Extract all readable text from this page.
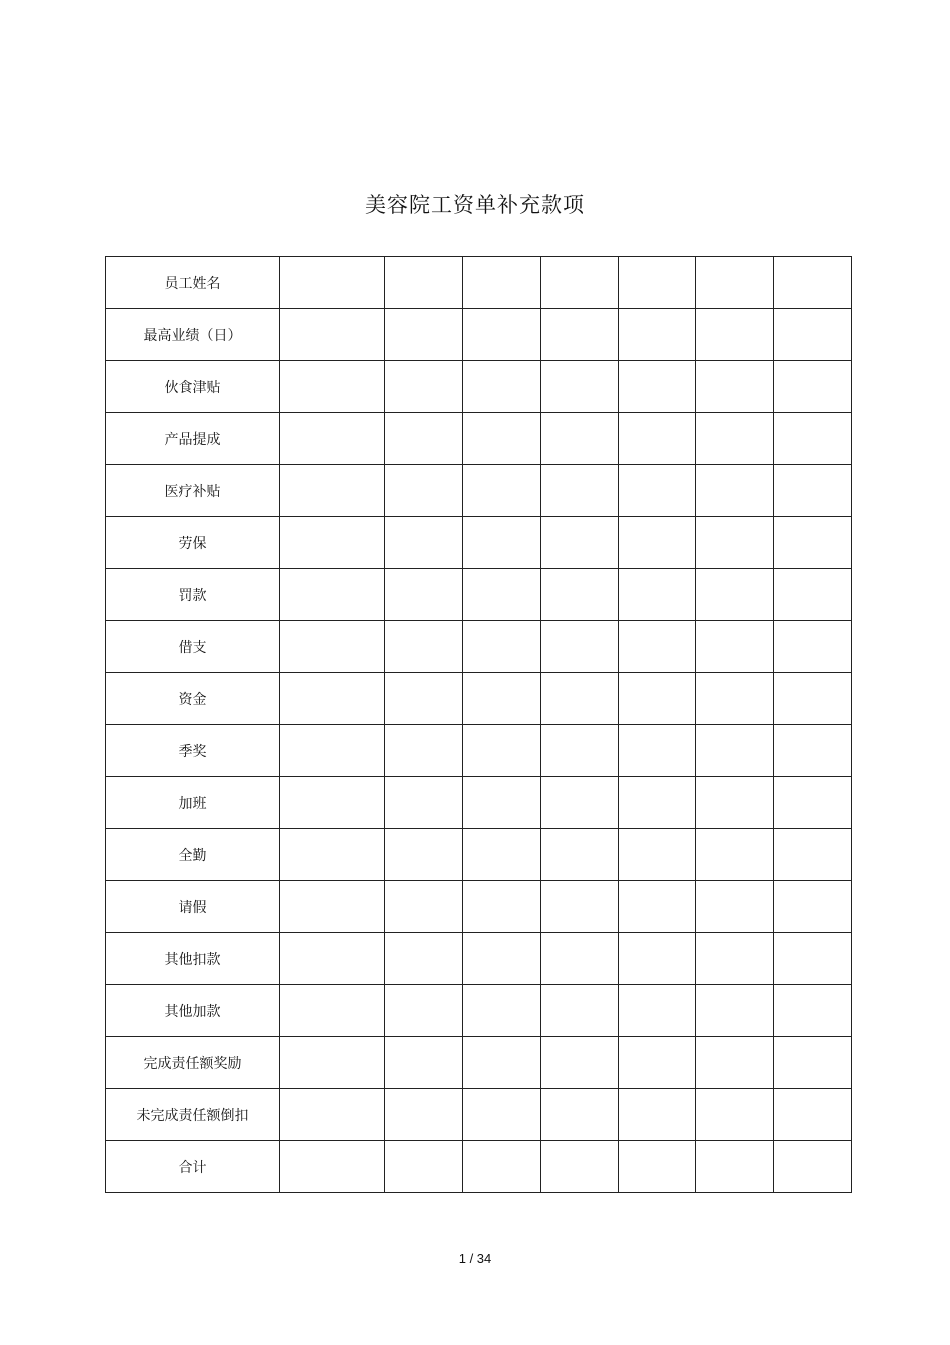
美容院工资单补充款项
员工姓名							
最高业绩（日）							
伙食津贴							
产品提成							
医疗补贴							
劳保							
罚款							
借支							
资金							
季奖							
加班							
全勤							
请假							
其他扣款							
其他加款							
完成责任额奖励							
未完成责任额倒扣							
合计							
1 / 34
